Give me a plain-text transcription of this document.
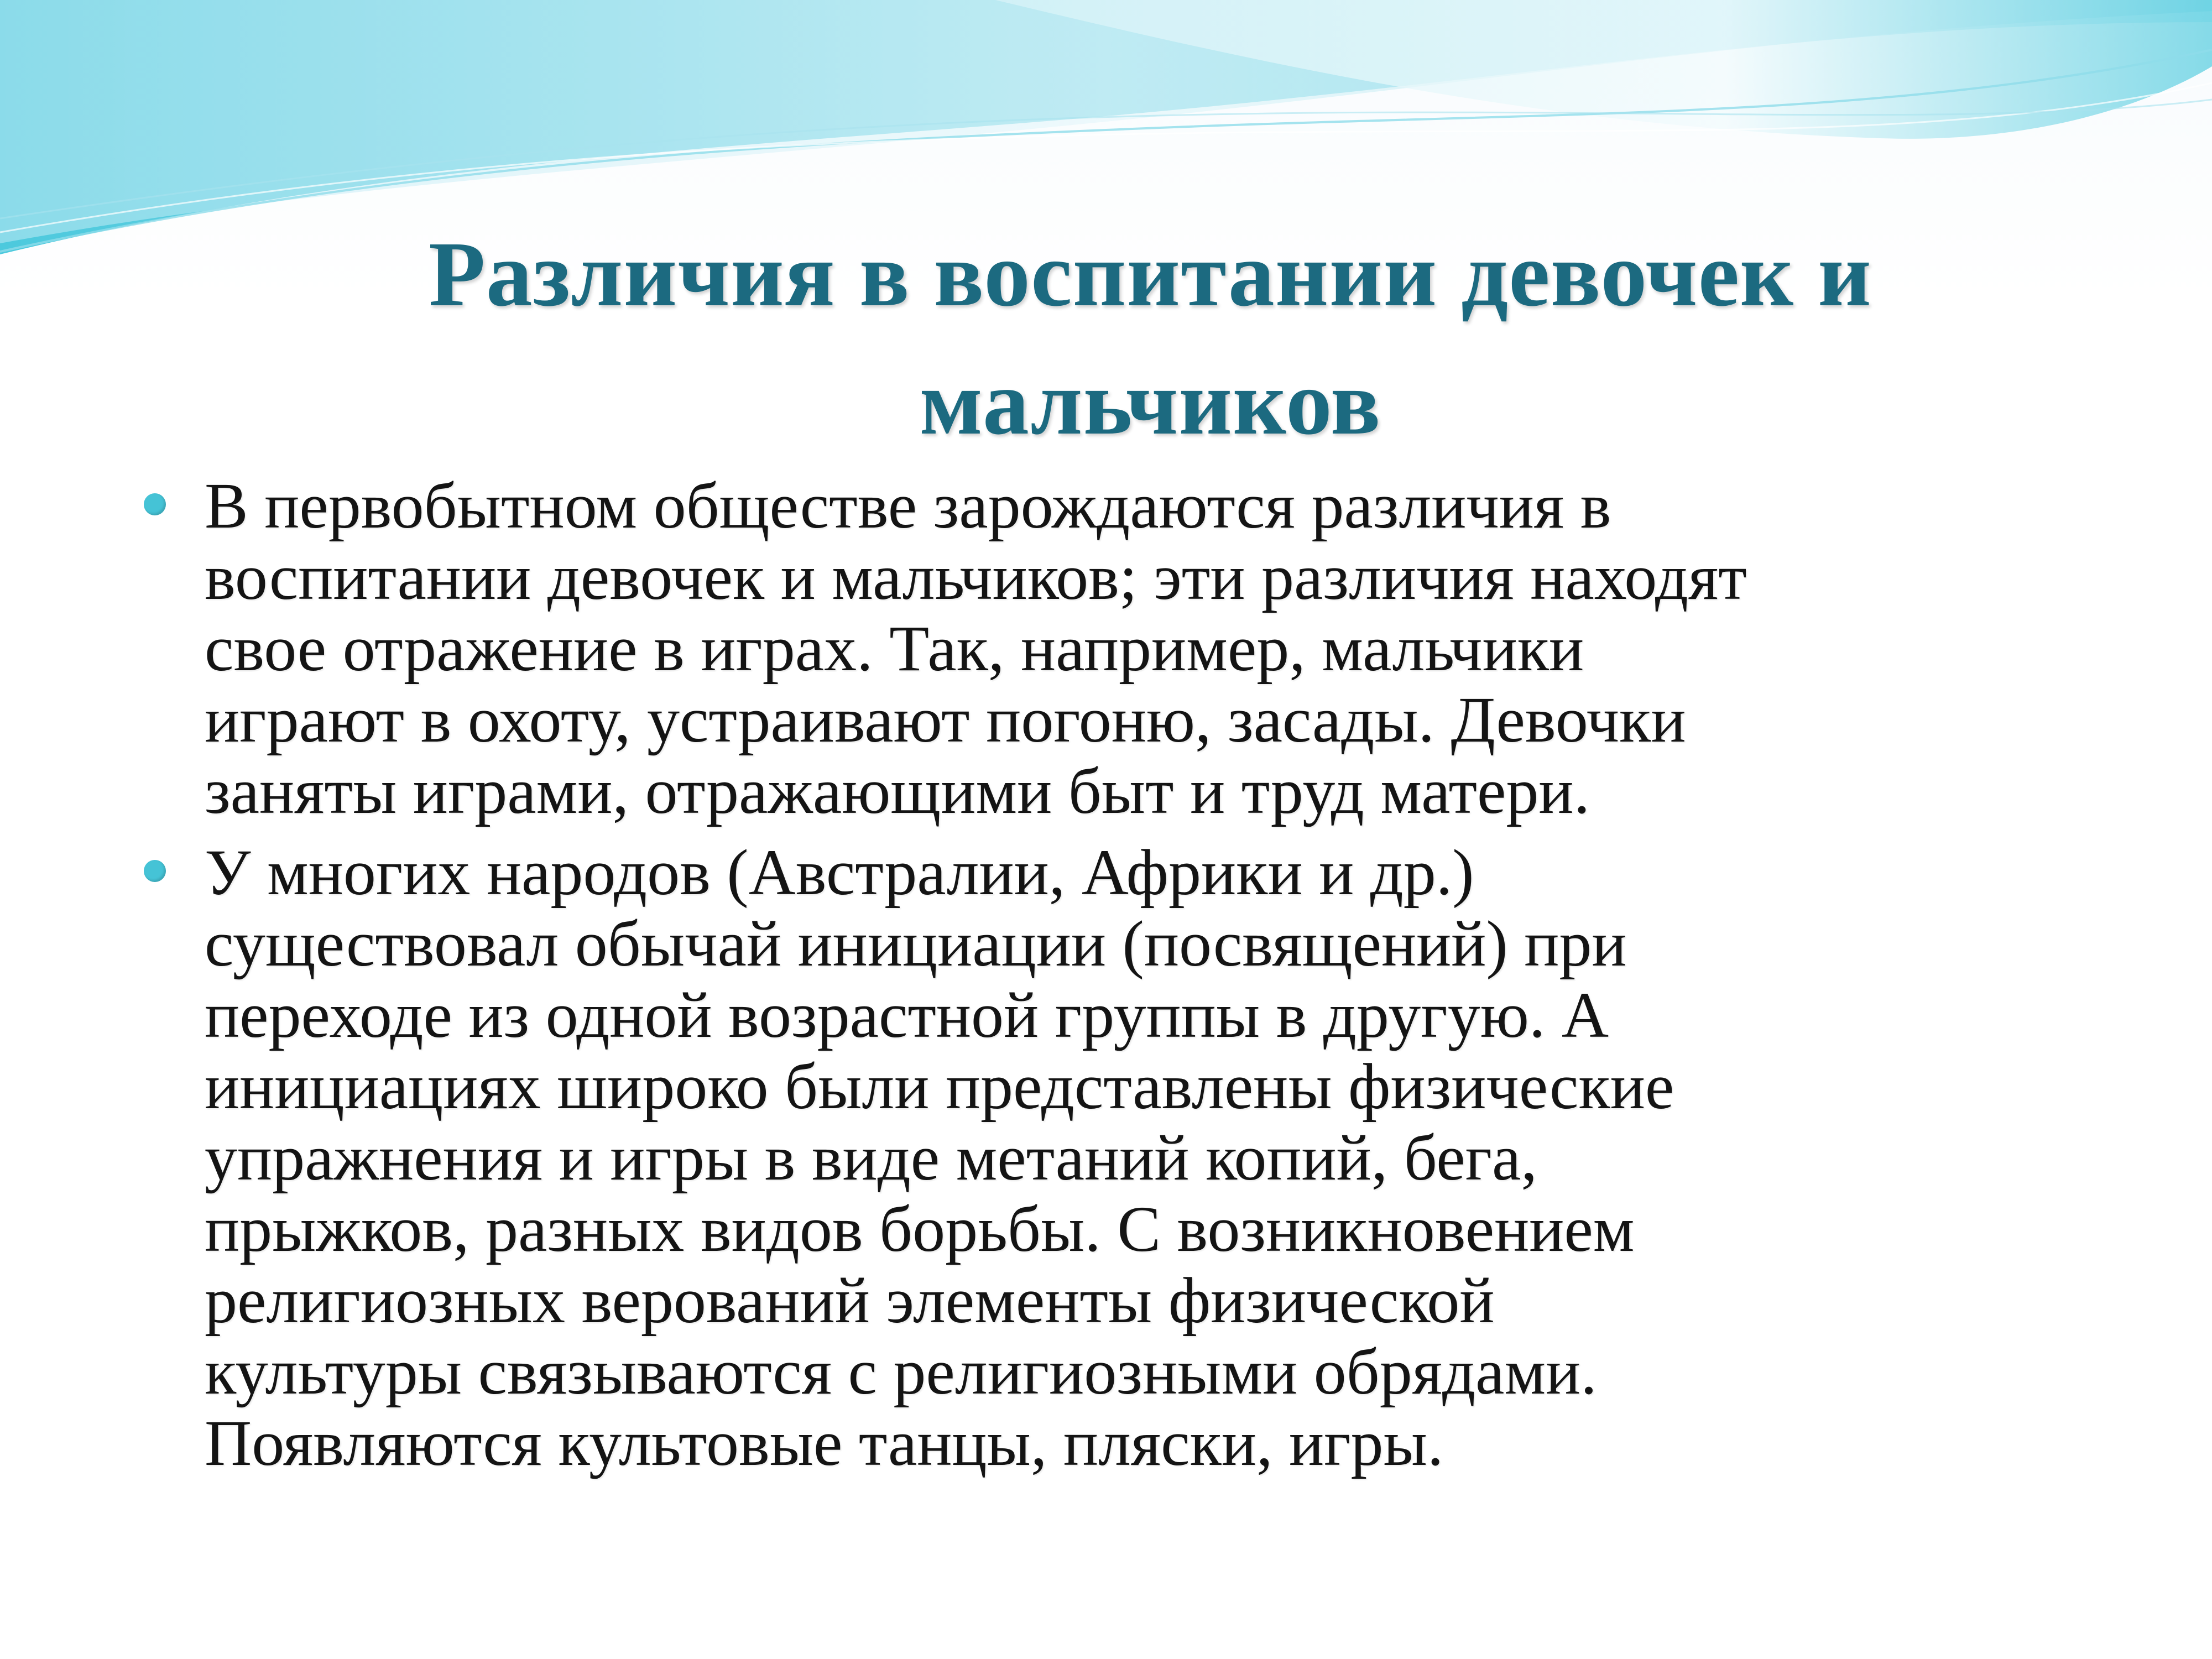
Различия в воспитании девочек и
мальчиков
В первобытном обществе зарождаются различия в
воспитании девочек и мальчиков; эти различия находят
свое отражение в играх. Так, например, мальчики
играют в охоту, устраивают погоню, засады. Девочки
заняты играми, отражающими быт и труд матери.
У многих народов (Австралии, Африки и др.)
существовал обычай инициации (посвящений) при
переходе из одной возрастной группы в другую. А
инициациях широко были представлены физические
упражнения и игры в виде метаний копий, бега,
прыжков, разных видов борьбы. С возникновением
религиозных верований элементы физической
культуры связываются с религиозными обрядами.
Появляются культовые танцы, пляски, игры.
